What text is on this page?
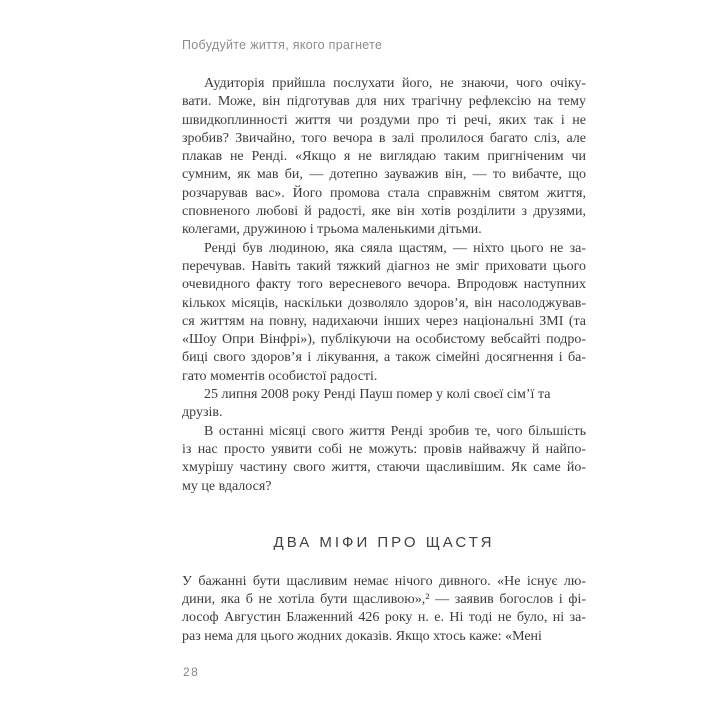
Побудуйте життя, якого прагнете
Аудиторія прийшла послухати його, не знаючи, чого очіку-
вати. Може, він підготував для них трагічну рефлексію на тему
швидкоплинності життя чи роздуми про ті речі, яких так і не
зробив? Звичайно, того вечора в залі пролилося багато сліз, але
плакав не Ренді. «Якщо я не виглядаю таким пригніченим чи
сумним, як мав би, — дотепно зауважив він, — то вибачте, що
розчарував вас». Його промова стала справжнім святом життя,
сповненого любові й радості, яке він хотів розділити з друзями,
колегами, дружиною і трьома маленькими дітьми.
Ренді був людиною, яка сяяла щастям, — ніхто цього не за-
перечував. Навіть такий тяжкий діагноз не зміг приховати цього
очевидного факту того вересневого вечора. Впродовж наступних
кількох місяців, наскільки дозволяло здоров’я, він насолоджував-
ся життям на повну, надихаючи інших через національні ЗМІ (та
«Шоу Опри Вінфрі»), публікуючи на особистому вебсайті подро-
биці свого здоров’я і лікування, а також сімейні досягнення і ба-
гато моментів особистої радості.
25 липня 2008 року Ренді Пауш помер у колі своєї сім’ї та
друзів.
В останні місяці свого життя Ренді зробив те, чого більшість
із нас просто уявити собі не можуть: провів найважчу й найпо-
хмурішу частину свого життя, стаючи щасливішим. Як саме йо-
му це вдалося?
ДВА МІФИ ПРО ЩАСТЯ
У бажанні бути щасливим немає нічого дивного. «Не існує лю-
дини, яка б не хотіла бути щасливою»,² — заявив богослов і фі-
лософ Августин Блаженний 426 року н. е. Ні тоді не було, ні за-
раз нема для цього жодних доказів. Якщо хтось каже: «Мені
28
